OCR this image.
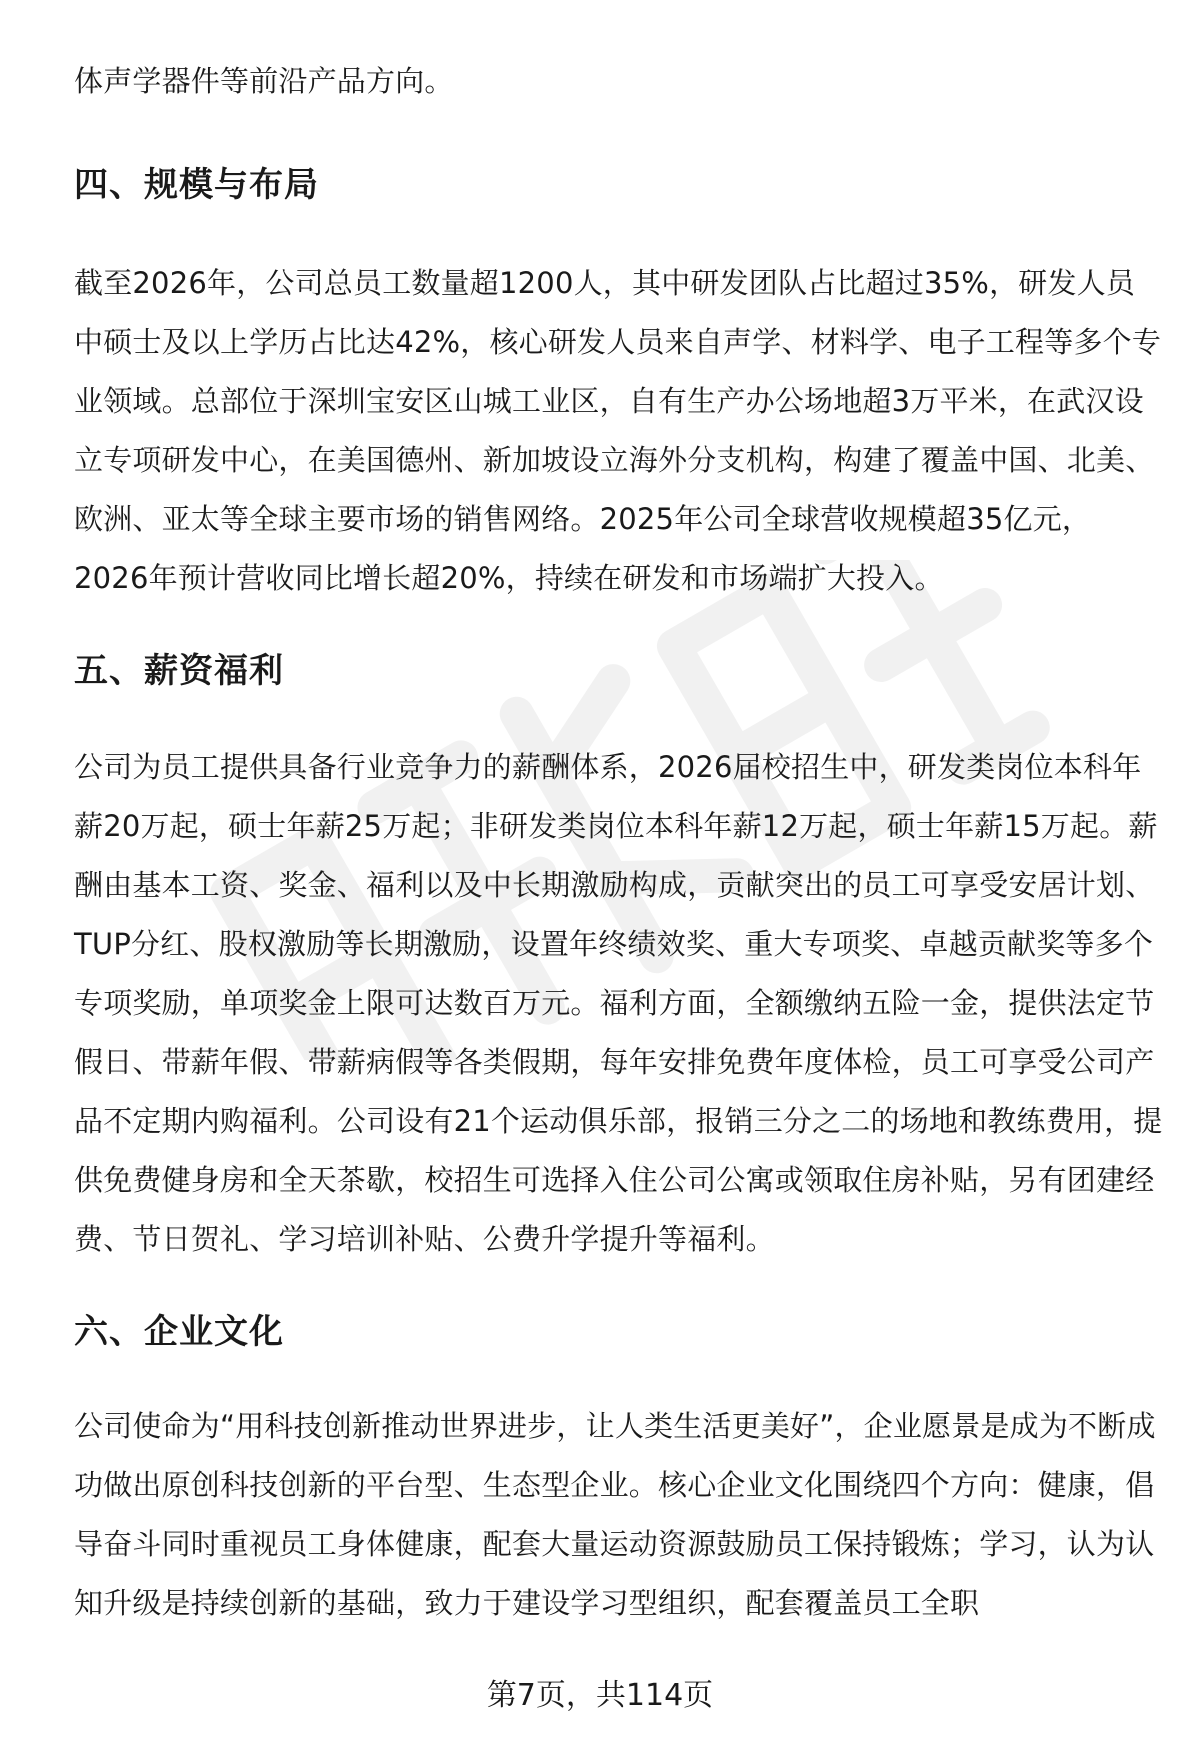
体声学器件等前沿产品方向。

四、规模与布局

截至2026年，公司总员工数量超1200人，其中研发团队占比超过35%，研发人员中硕士及以上学历占比达42%，核心研发人员来自声学、材料学、电子工程等多个专业领域。总部位于深圳宝安区山城工业区，自有生产办公场地超3万平米，在武汉设立专项研发中心，在美国德州、新加坡设立海外分支机构，构建了覆盖中国、北美、欧洲、亚太等全球主要市场的销售网络。2025年公司全球营收规模超35亿元，2026年预计营收同比增长超20%，持续在研发和市场端扩大投入。

五、薪资福利

公司为员工提供具备行业竞争力的薪酬体系，2026届校招生中，研发类岗位本科年薪20万起，硕士年薪25万起；非研发类岗位本科年薪12万起，硕士年薪15万起。薪酬由基本工资、奖金、福利以及中长期激励构成，贡献突出的员工可享受安居计划、TUP分红、股权激励等长期激励，设置年终绩效奖、重大专项奖、卓越贡献奖等多个专项奖励，单项奖金上限可达数百万元。福利方面，全额缴纳五险一金，提供法定节假日、带薪年假、带薪病假等各类假期，每年安排免费年度体检，员工可享受公司产品不定期内购福利。公司设有21个运动俱乐部，报销三分之二的场地和教练费用，提供免费健身房和全天茶歇，校招生可选择入住公司公寓或领取住房补贴，另有团建经费、节日贺礼、学习培训补贴、公费升学提升等福利。

六、企业文化

公司使命为“用科技创新推动世界进步，让人类生活更美好”，企业愿景是成为不断成功做出原创科技创新的平台型、生态型企业。核心企业文化围绕四个方向：健康，倡导奋斗同时重视员工身体健康，配套大量运动资源鼓励员工保持锻炼；学习，认为认知升级是持续创新的基础，致力于建设学习型组织，配套覆盖员工全职

第7页，共114页
